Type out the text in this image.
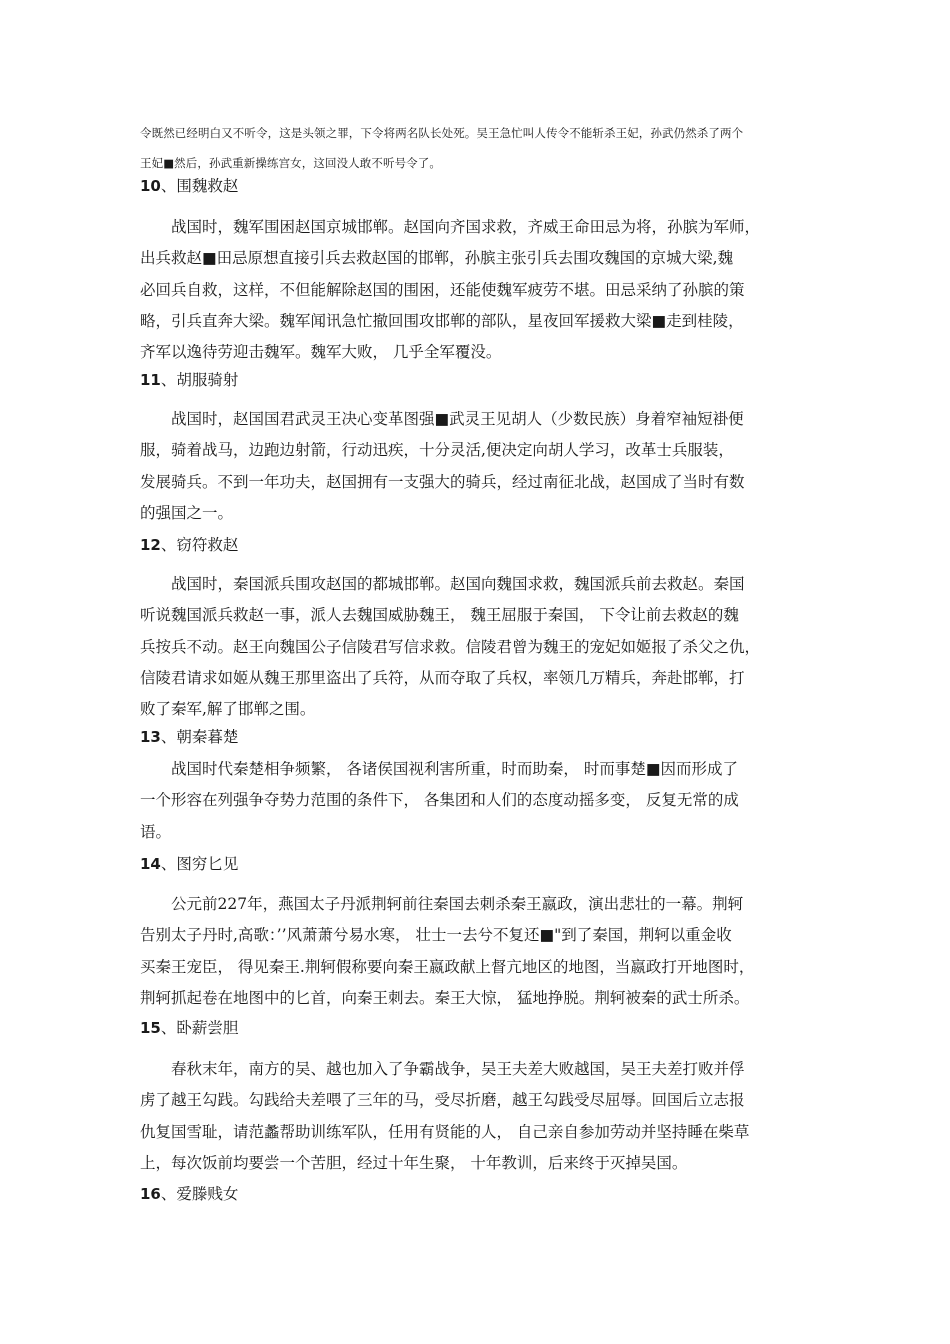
令既然已经明白又不听令，这是头领之罪，下令将两名队长处死。吴王急忙叫人传令不能斩杀王妃，孙武仍然杀了两个

王妃■然后，孙武重新操练宫女，这回没人敢不听号令了。

10、围魏救赵
战国时，魏军围困赵国京城邯郸。赵国向齐国求救，齐威王命田忌为将，孙膑为军师，
出兵救赵■田忌原想直接引兵去救赵国的邯郸，孙膑主张引兵去围攻魏国的京城大梁,魏
必回兵自救，这样，不但能解除赵国的围困，还能使魏军疲劳不堪。田忌采纳了孙膑的策
略，引兵直奔大梁。魏军闻讯急忙撤回围攻邯郸的部队，星夜回军援救大梁■走到桂陵，
齐军以逸待劳迎击魏军。魏军大败， 几乎全军覆没。
11、胡服骑射
战国时，赵国国君武灵王决心变革图强■武灵王见胡人（少数民族）身着窄袖短褂便
服，骑着战马，边跑边射箭，行动迅疾，十分灵活,便决定向胡人学习，改革士兵服装，
发展骑兵。不到一年功夫，赵国拥有一支强大的骑兵，经过南征北战，赵国成了当时有数
的强国之一。
12、窃符救赵
战国时，秦国派兵围攻赵国的都城邯郸。赵国向魏国求救，魏国派兵前去救赵。秦国
听说魏国派兵救赵一事，派人去魏国威胁魏王， 魏王屈服于秦国， 下令让前去救赵的魏
兵按兵不动。赵王向魏国公子信陵君写信求救。信陵君曾为魏王的宠妃如姬报了杀父之仇，
信陵君请求如姬从魏王那里盗出了兵符，从而夺取了兵权，率领几万精兵，奔赴邯郸，打
败了秦军,解了邯郸之围。
13、朝秦暮楚
战国时代秦楚相争频繁， 各诸侯国视利害所重，时而助秦， 时而事楚■因而形成了
一个形容在列强争夺势力范围的条件下， 各集团和人们的态度动摇多变， 反复无常的成
语。
14、图穷匕见
公元前227年，燕国太子丹派荆轲前往秦国去刺杀秦王嬴政，演出悲壮的一幕。荆轲
告别太子丹时,高歌：’’风萧萧兮易水寒， 壮士一去兮不复还■"到了秦国，荆轲以重金收
买秦王宠臣， 得见秦王.荆轲假称要向秦王嬴政献上督亢地区的地图，当嬴政打开地图时，
荆轲抓起卷在地图中的匕首，向秦王刺去。秦王大惊， 猛地挣脱。荆轲被秦的武士所杀。
15、卧薪尝胆
春秋末年，南方的吴、越也加入了争霸战争，吴王夫差大败越国，吴王夫差打败并俘
虏了越王勾践。勾践给夫差喂了三年的马，受尽折磨，越王勾践受尽屈辱。回国后立志报
仇复国雪耻，请范蠡帮助训练军队，任用有贤能的人， 自己亲自参加劳动并坚持睡在柴草
上，每次饭前均要尝一个苦胆，经过十年生聚， 十年教训，后来终于灭掉吴国。
16、爱滕贱女
